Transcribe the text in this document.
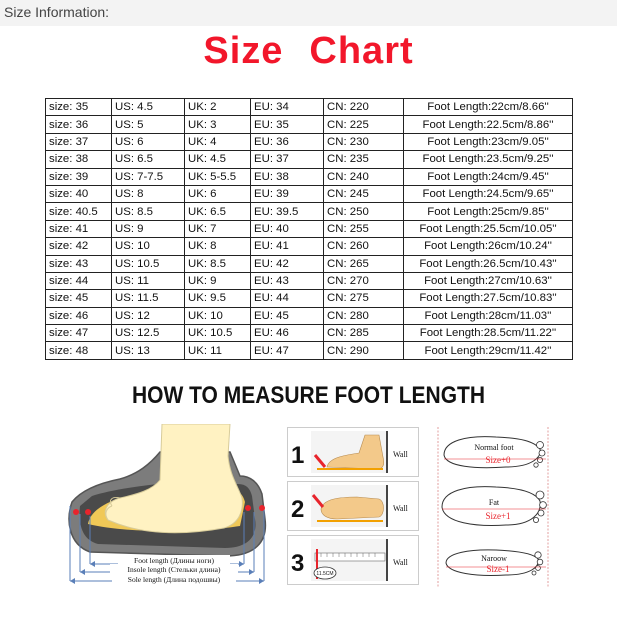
Size Information:
Size Chart
size: 35	US: 4.5	UK: 2	EU: 34	CN: 220	Foot Length:22cm/8.66''
size: 36	US: 5	UK: 3	EU: 35	CN: 225	Foot Length:22.5cm/8.86''
size: 37	US: 6	UK: 4	EU: 36	CN: 230	Foot Length:23cm/9.05''
size: 38	US: 6.5	UK: 4.5	EU: 37	CN: 235	Foot Length:23.5cm/9.25''
size: 39	US: 7-7.5	UK: 5-5.5	EU: 38	CN: 240	Foot Length:24cm/9.45''
size: 40	US: 8	UK: 6	EU: 39	CN: 245	Foot Length:24.5cm/9.65''
size: 40.5	US: 8.5	UK: 6.5	EU: 39.5	CN: 250	Foot Length:25cm/9.85''
size: 41	US: 9	UK: 7	EU: 40	CN: 255	Foot Length:25.5cm/10.05''
size: 42	US: 10	UK: 8	EU: 41	CN: 260	Foot Length:26cm/10.24''
size: 43	US: 10.5	UK: 8.5	EU: 42	CN: 265	Foot Length:26.5cm/10.43''
size: 44	US: 11	UK: 9	EU: 43	CN: 270	Foot Length:27cm/10.63''
size: 45	US: 11.5	UK: 9.5	EU: 44	CN: 275	Foot Length:27.5cm/10.83''
size: 46	US: 12	UK: 10	EU: 45	CN: 280	Foot Length:28cm/11.03''
size: 47	US: 12.5	UK: 10.5	EU: 46	CN: 285	Foot Length:28.5cm/11.22''
size: 48	US: 13	UK: 11	EU: 47	CN: 290	Foot Length:29cm/11.42''
HOW TO MEASURE FOOT LENGTH
Foot length (Длины ноги)
Insole length (Стельки длина)
Sole length (Длина подошвы)
1	Wall
2	Wall
3 11.5CM
Wall
Normal foot
Size+0
Fat
Size+1
Naroow
Size-1
